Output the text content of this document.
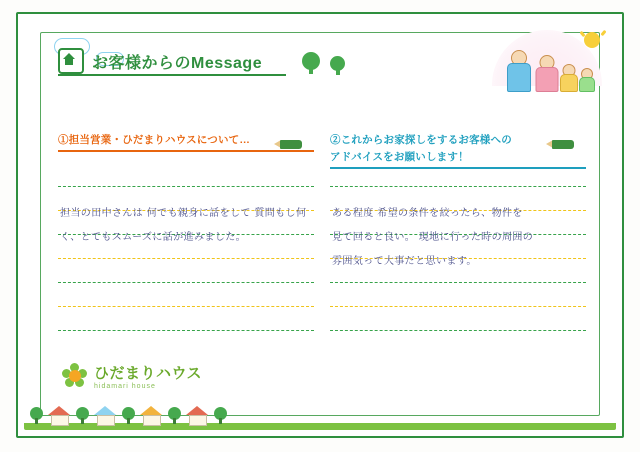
お客様からのMessage
①担当営業・ひだまりハウスについて…	②これからお家探しをするお客様への
アドバイスをお願いします！
担当の田中さんは 何でも親身に話をして 質問もし何
く、とてもスムーズに話が進みました。
ある程度 希望の条件を絞ったら、物件を
見て回ると良い。 現地に行った時の周囲の
雰囲気って大事だと思います。
ひだまりハウス
hidamari house
